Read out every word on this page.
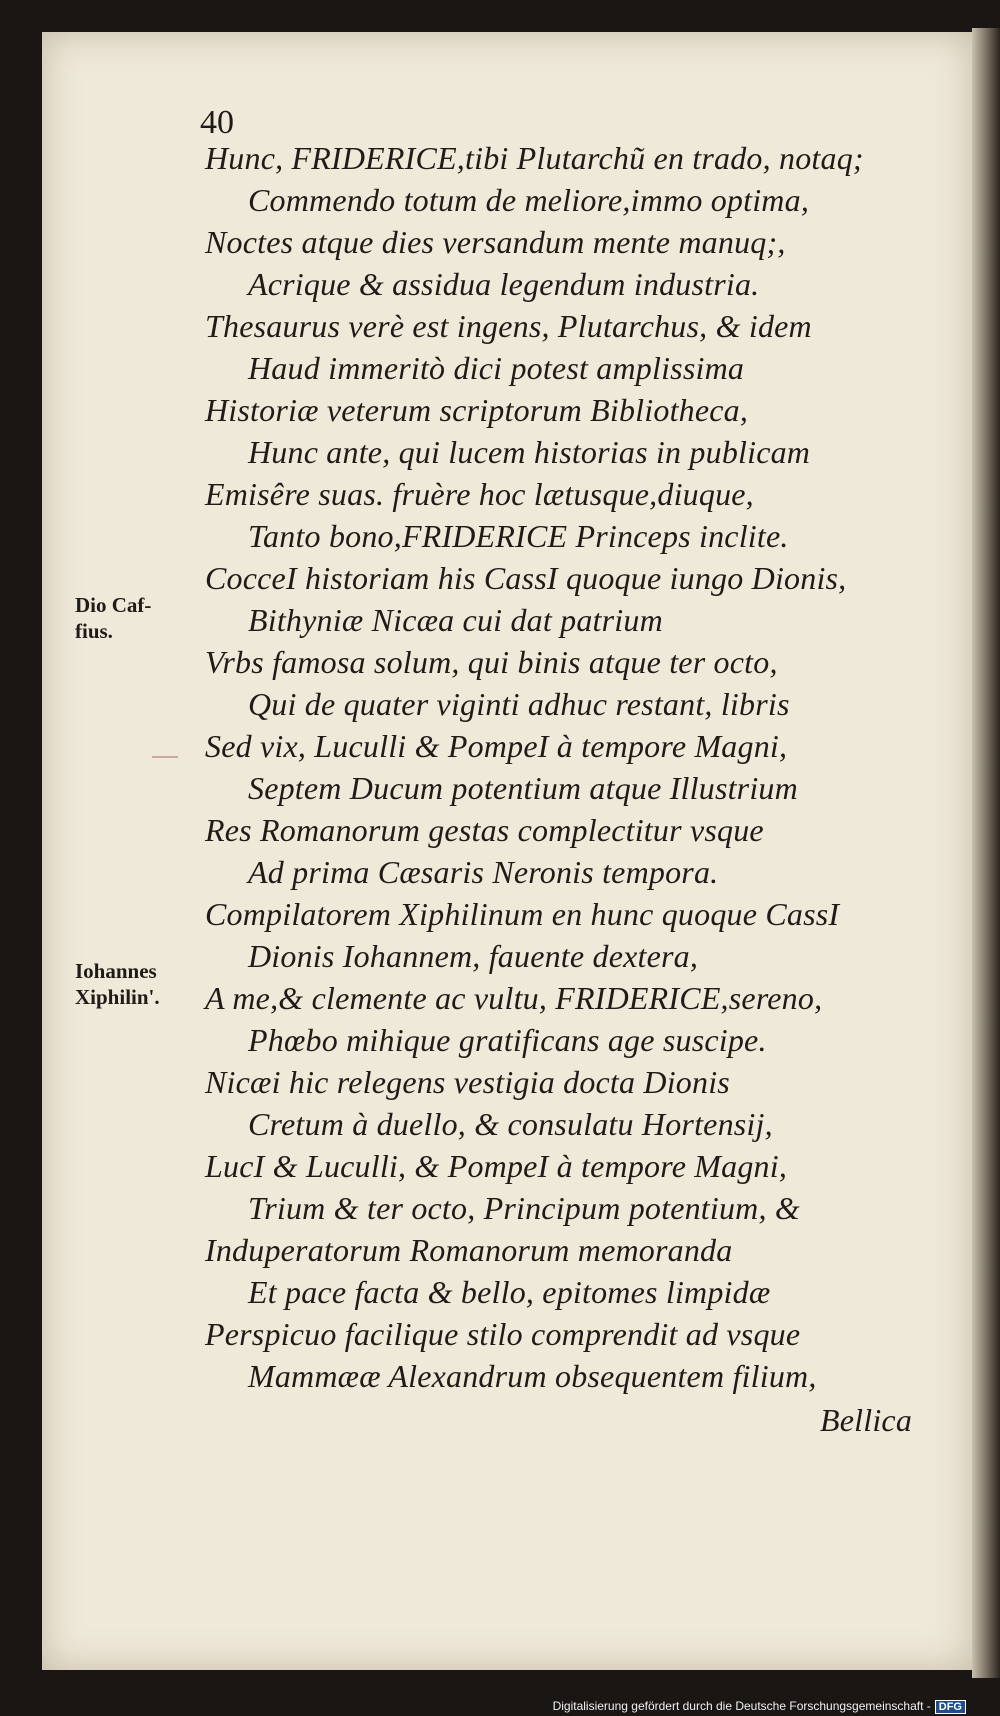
40
Hunc, FRIDERICE,tibi Plutarchũ en trado, notaq;
Commendo totum de meliore,immo optima,
Noctes atque dies versandum mente manuq;,
Acrique & assidua legendum industria.
Thesaurus verè est ingens, Plutarchus, & idem
Haud immeritò dici potest amplissima
Historiæ veterum scriptorum Bibliotheca,
Hunc ante, qui lucem historias in publicam
Emisêre suas. fruère hoc lætusque,diuque,
Tanto bono,FRIDERICE Princeps inclite.
CocceI historiam his CassI quoque iungo Dionis,
Bithyniæ Nicæa cui dat patrium
Vrbs famosa solum, qui binis atque ter octo,
Qui de quater viginti adhuc restant, libris
Sed vix, Luculli & PompeI à tempore Magni,
Septem Ducum potentium atque Illustrium
Res Romanorum gestas complectitur vsque
Ad prima Cæsaris Neronis tempora.
Compilatorem Xiphilinum en hunc quoque CassI
Dionis Iohannem, fauente dextera,
A me,& clemente ac vultu, FRIDERICE,sereno,
Phœbo mihique gratificans age suscipe.
Nicæi hic relegens vestigia docta Dionis
Cretum à duello, & consulatu Hortensij,
LucI & Luculli, & PompeI à tempore Magni,
Trium & ter octo, Principum potentium, &
Induperatorum Romanorum memoranda
Et pace facta & bello, epitomes limpidæ
Perspicuo facilique stilo comprendit ad vsque
Mammææ Alexandrum obsequentem filium,
Bellica
Dio Caf-
fius.
Iohannes
Xiphilin'.
Digitalisierung gefördert durch die Deutsche Forschungsgemeinschaft - DFG
